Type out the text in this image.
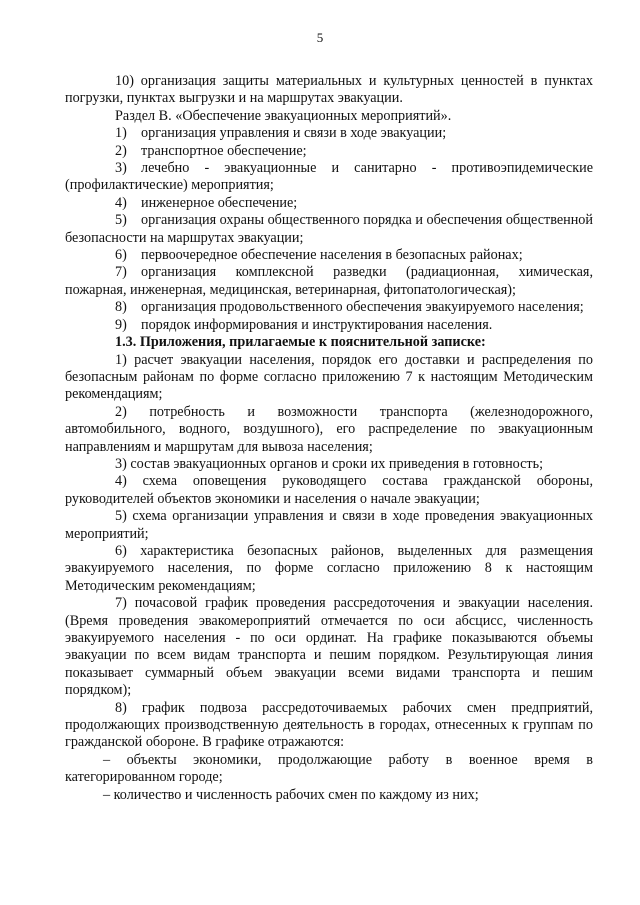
5

10) организация защиты материальных и культурных ценностей в пунктах погрузки, пунктах выгрузки и на маршрутах эвакуации.

Раздел В. «Обеспечение эвакуационных мероприятий».

1) организация управления и связи в ходе эвакуации;

2) транспортное обеспечение;

3) лечебно - эвакуационные и санитарно - противоэпидемические (профилактические) мероприятия;

4) инженерное обеспечение;

5) организация охраны общественного порядка и обеспечения общественной безопасности на маршрутах эвакуации;

6) первоочередное обеспечение населения в безопасных районах;

7) организация комплексной разведки (радиационная, химическая, пожарная, инженерная, медицинская, ветеринарная, фитопатологическая);

8) организация продовольственного обеспечения эвакуируемого населения;

9) порядок информирования и инструктирования населения.

1.3. Приложения, прилагаемые к пояснительной записке:

1) расчет эвакуации населения, порядок его доставки и распределения по безопасным районам по форме согласно приложению 7 к настоящим Методическим рекомендациям;

2) потребность и возможности транспорта (железнодорожного, автомобильного, водного, воздушного), его распределение по эвакуационным направлениям и маршрутам для вывоза населения;

3) состав эвакуационных органов и сроки их приведения в готовность;

4) схема оповещения руководящего состава гражданской обороны, руководителей объектов экономики и населения о начале эвакуации;

5) схема организации управления и связи в ходе проведения эвакуационных мероприятий;

6) характеристика безопасных районов, выделенных для размещения эвакуируемого населения, по форме согласно приложению 8 к настоящим Методическим рекомендациям;

7) почасовой график проведения рассредоточения и эвакуации населения. (Время проведения эвакомероприятий отмечается по оси абсцисс, численность эвакуируемого населения - по оси ординат. На графике показываются объемы эвакуации по всем видам транспорта и пешим порядком. Результирующая линия показывает суммарный объем эвакуации всеми видами транспорта и пешим порядком);

8) график подвоза рассредоточиваемых рабочих смен предприятий, продолжающих производственную деятельность в городах, отнесенных к группам по гражданской обороне. В графике отражаются:

– объекты экономики, продолжающие работу в военное время в категорированном городе;

– количество и численность рабочих смен по каждому из них;
